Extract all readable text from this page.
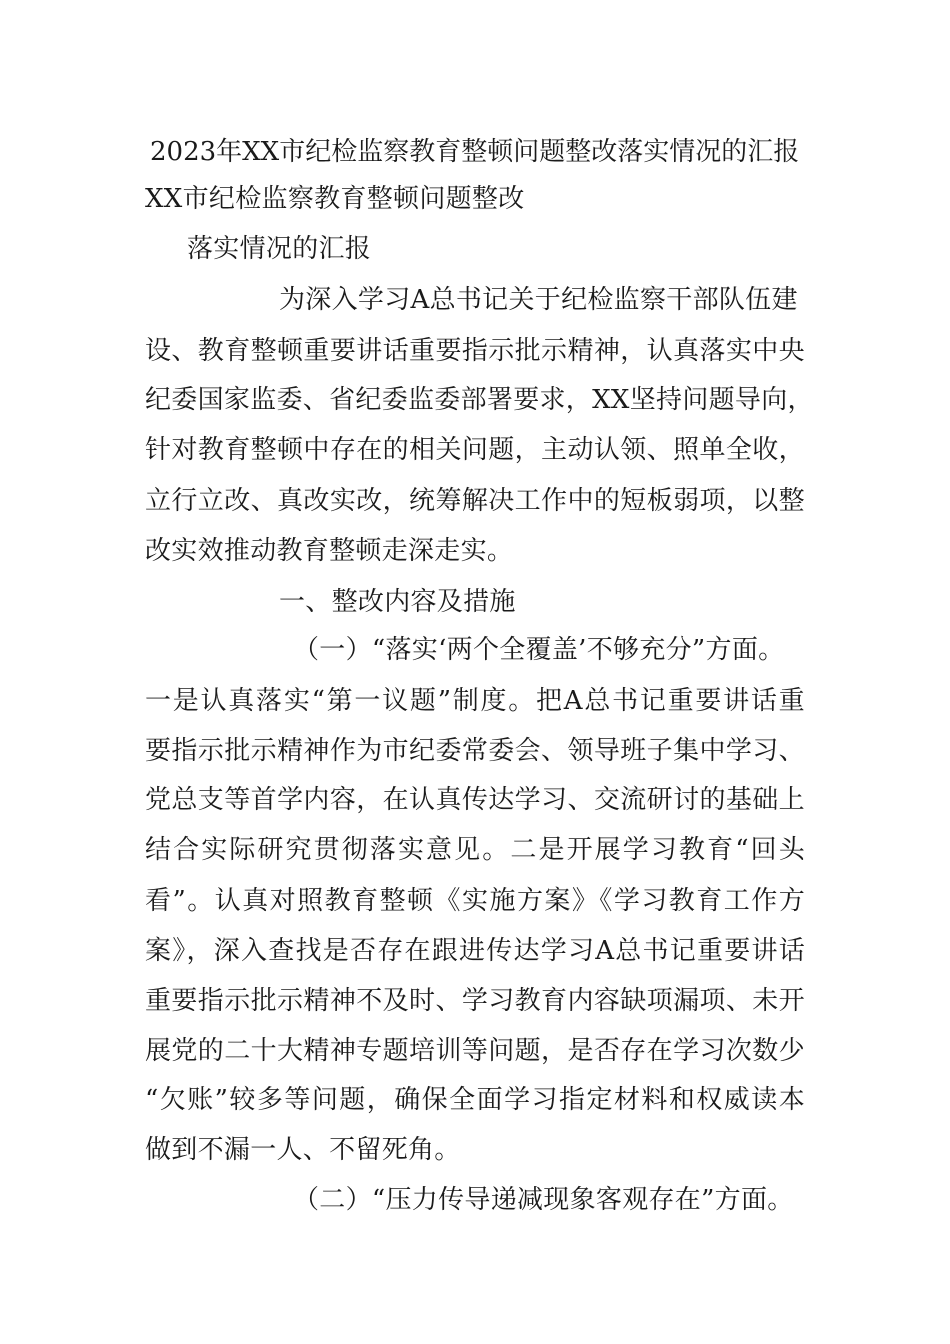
2023年XX市纪检监察教育整顿问题整改落实情况的汇报
XX市纪检监察教育整顿问题整改
落实情况的汇报
为深入学习A总书记关于纪检监察干部队伍建
设、教育整顿重要讲话重要指示批示精神，认真落实中央
纪委国家监委、省纪委监委部署要求，XX坚持问题导向，
针对教育整顿中存在的相关问题，主动认领、照单全收，
立行立改、真改实改，统筹解决工作中的短板弱项，以整
改实效推动教育整顿走深走实。
一、整改内容及措施
（一）“落实‘两个全覆盖’不够充分”方面。
一是认真落实“第一议题”制度。把A总书记重要讲话重
要指示批示精神作为市纪委常委会、领导班子集中学习、
党总支等首学内容，在认真传达学习、交流研讨的基础上
结合实际研究贯彻落实意见。二是开展学习教育“回头
看”。认真对照教育整顿《实施方案》《学习教育工作方
案》，深入查找是否存在跟进传达学习A总书记重要讲话
重要指示批示精神不及时、学习教育内容缺项漏项、未开
展党的二十大精神专题培训等问题，是否存在学习次数少
“欠账”较多等问题，确保全面学习指定材料和权威读本
做到不漏一人、不留死角。
（二）“压力传导递减现象客观存在”方面。
